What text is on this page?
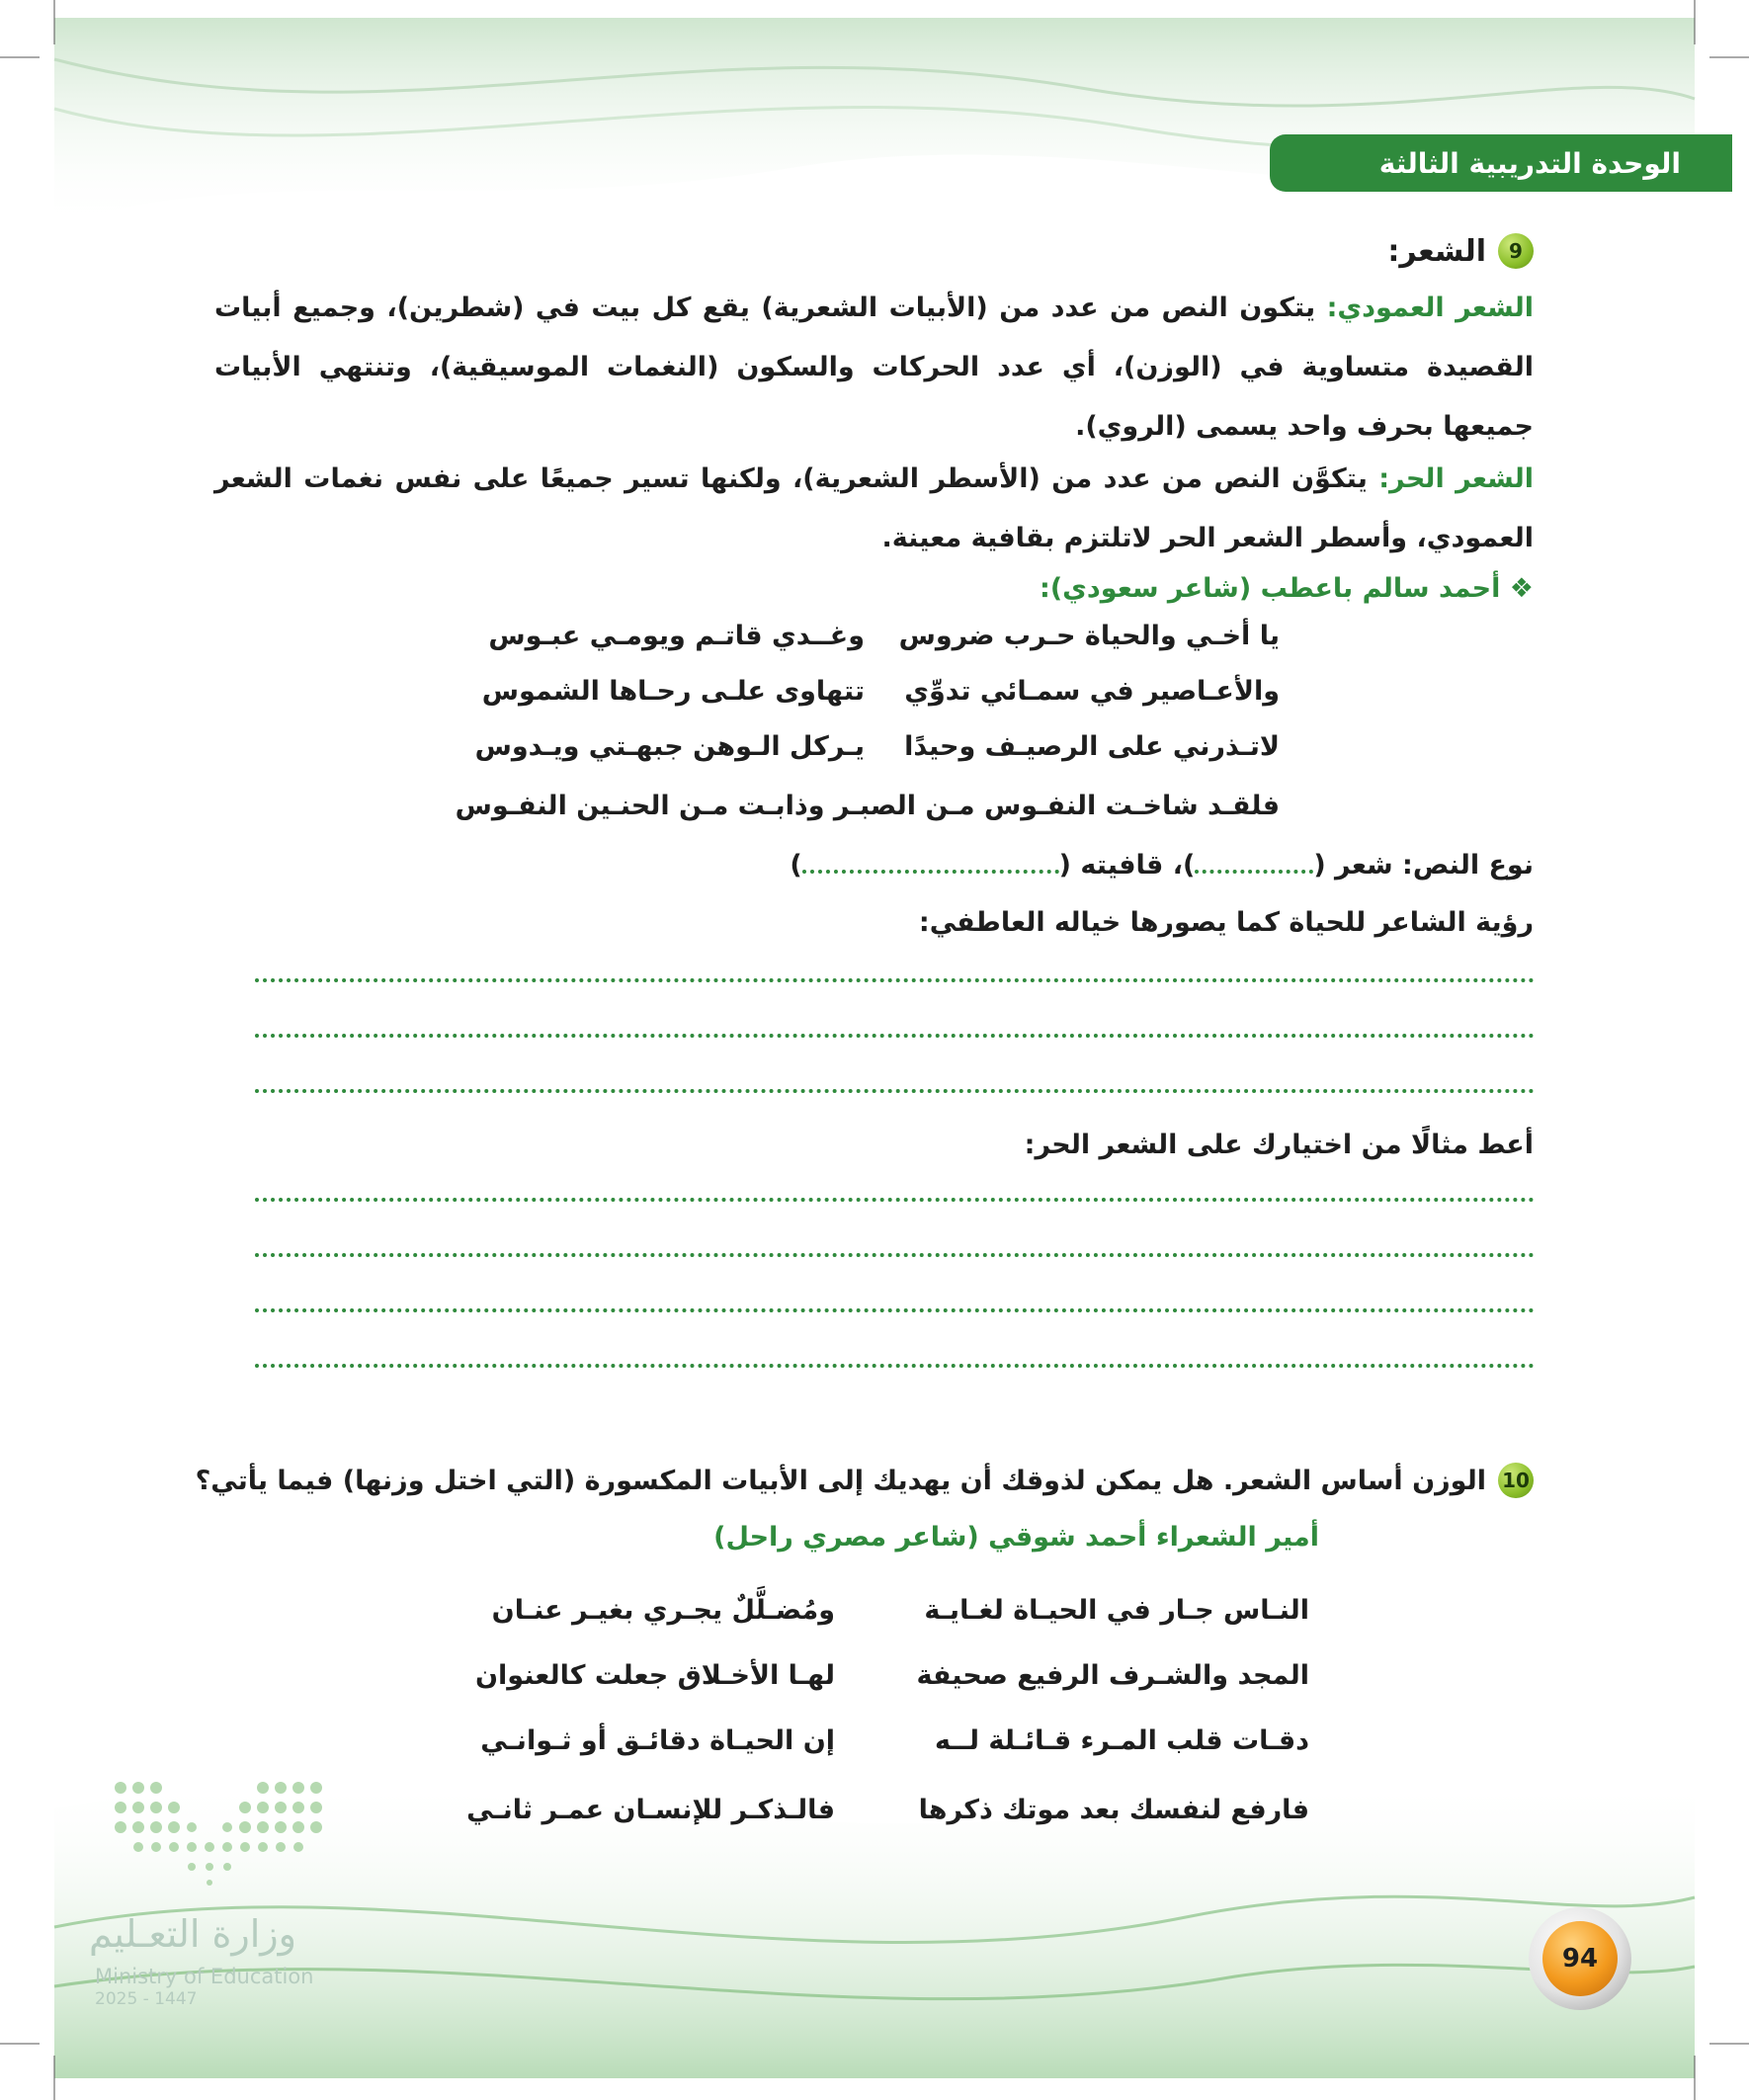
الوحدة التدريبية الثالثة
9
الشعر:

الشعر العمودي: يتكون النص من عدد من (الأبيات الشعرية) يقع كل بيت في (شطرين)، وجميع أبيات القصيدة متساوية في (الوزن)، أي عدد الحركات والسكون (النغمات الموسيقية)، وتنتهي الأبيات جميعها بحرف واحد يسمى (الروي).

الشعر الحر: يتكوَّن النص من عدد من (الأسطر الشعرية)، ولكنها تسير جميعًا على نفس نغمات الشعر العمودي، وأسطر الشعر الحر لاتلتزم بقافية معينة.

❖ أحمد سالم باعطب (شاعر سعودي):
يا أخـي والحياة حـرب ضروس
وغــدي قاتـم ويومـي عبـوس
والأعـاصير في سمـائي تدوِّي
تتهاوى علـى رحـاها الشموس
لاتـذرني على الرصيـف وحيدًا
يـركل الـوهن جبهـتي ويـدوس
فلقـد شاخـت النفـوس مـن الصبـر وذابـت مـن الحنـين النفـوس
نوع النص: شعر ()، قافيته ()
رؤية الشاعر للحياة كما يصورها خياله العاطفي:
أعط مثالًا من اختيارك على الشعر الحر:
10
الوزن أساس الشعر. هل يمكن لذوقك أن يهديك إلى الأبيات المكسورة (التي اختل وزنها) فيما يأتي؟
أمير الشعراء أحمد شوقي (شاعر مصري راحل)
النـاس جـار في الحيـاة لغـايـة
ومُضـلَّلٌ يجـري بغيـر عنـان
المجد والشـرف الرفيع صحيفة
لهـا الأخـلاق جعلت كالعنوان
دقـات قلب المـرء قـائـلة لــه
إن الحيـاة دقائـق أو ثـوانـي
فارفع لنفسك بعد موتك ذكرها
فالـذكـر للإنسـان عمـر ثانـي
وزارة التعـليم
Ministry of Education
2025 - 1447
94
